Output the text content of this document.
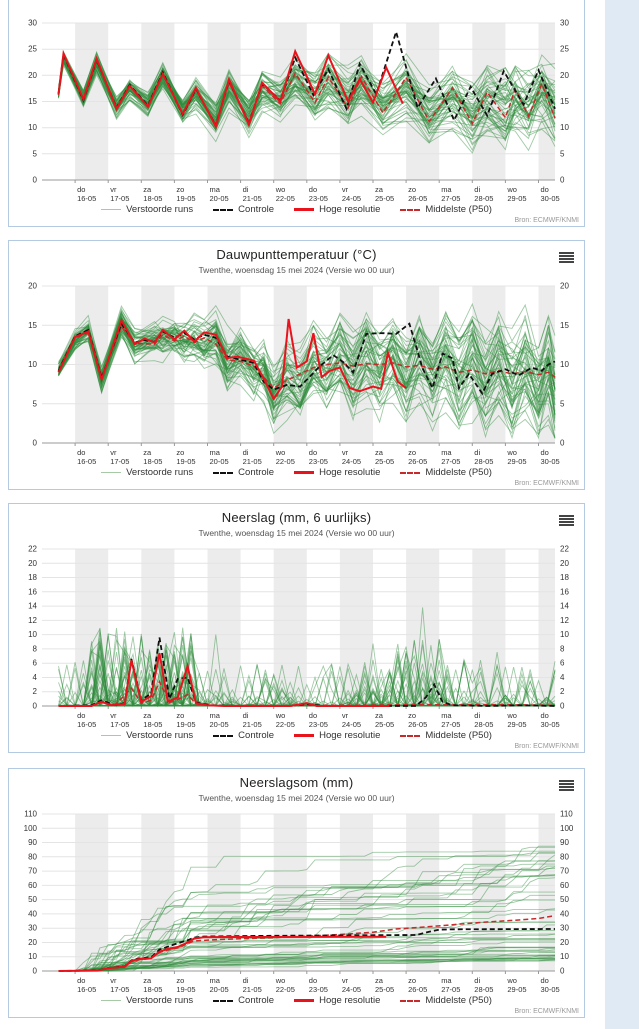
0	0
5	5
10	10
15	15
20	20
25	25
30	30
do
16-05
vr
17-05
za
18-05
zo
19-05
ma
20-05
di
21-05
wo
22-05
do
23-05
vr
24-05
za
25-05
zo
26-05
ma
27-05
di
28-05
wo
29-05
do
30-05
Verstoorde runs	Controle	Hoge resolutie	Middelste (P50)
Bron: ECMWF/KNMI
Dauwpunttemperatuur (°C)
Twenthe, woensdag 15 mei 2024 (Versie wo 00 uur)
0	0
5	5
10	10
15	15
20	20
do
16-05
vr
17-05
za
18-05
zo
19-05
ma
20-05
di
21-05
wo
22-05
do
23-05
vr
24-05
za
25-05
zo
26-05
ma
27-05
di
28-05
wo
29-05
do
30-05
Verstoorde runs	Controle	Hoge resolutie	Middelste (P50)
Bron: ECMWF/KNMI
Neerslag (mm, 6 uurlijks)
Twenthe, woensdag 15 mei 2024 (Versie wo 00 uur)
0	0
2	2
4	4
6	6
8	8
10	10
12	12
14	14
16	16
18	18
20	20
22	22
do
16-05
vr
17-05
za
18-05
zo
19-05
ma
20-05
di
21-05
wo
22-05
do
23-05
vr
24-05
za
25-05
zo
26-05
ma
27-05
di
28-05
wo
29-05
do
30-05
Verstoorde runs	Controle	Hoge resolutie	Middelste (P50)
Bron: ECMWF/KNMI
Neerslagsom (mm)
Twenthe, woensdag 15 mei 2024 (Versie wo 00 uur)
0	0
10	10
20	20
30	30
40	40
50	50
60	60
70	70
80	80
90	90
100	100
110	110
do
16-05
vr
17-05
za
18-05
zo
19-05
ma
20-05
di
21-05
wo
22-05
do
23-05
vr
24-05
za
25-05
zo
26-05
ma
27-05
di
28-05
wo
29-05
do
30-05
Verstoorde runs	Controle	Hoge resolutie	Middelste (P50)
Bron: ECMWF/KNMI
